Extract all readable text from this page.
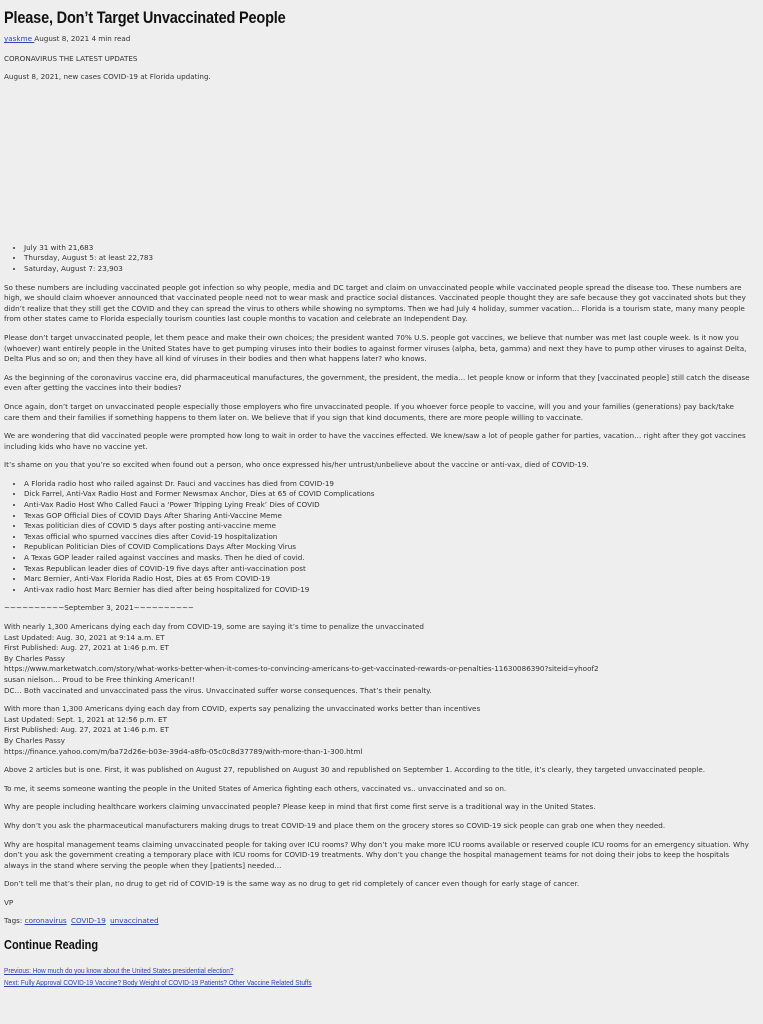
Please, Don’t Target Unvaccinated People
yaskme August 8, 2021 4 min read

CORONAVIRUS THE LATEST UPDATES

August 8, 2021, new cases COVID-19 at Florida updating.

• July 31 with 21,683
• Thursday, August 5: at least 22,783
• Saturday, August 7: 23,903

So these numbers are including vaccinated people got infection so why people, media and DC target and claim on unvaccinated people while vaccinated people spread the disease too. These numbers are high, we should claim whoever announced that vaccinated people need not to wear mask and practice social distances. Vaccinated people thought they are safe because they got vaccinated shots but they didn’t realize that they still get the COVID and they can spread the virus to others while showing no symptoms. Then we had July 4 holiday, summer vacation… Florida is a tourism state, many many people from other states came to Florida especially tourism counties last couple months to vacation and celebrate an Independent Day.

Please don’t target unvaccinated people, let them peace and make their own choices; the president wanted 70% U.S. people got vaccines, we believe that number was met last couple week. Is it now you (whoever) want entirely people in the United States have to get pumping viruses into their bodies to against former viruses (alpha, beta, gamma) and next they have to pump other viruses to against Delta, Delta Plus and so on; and then they have all kind of viruses in their bodies and then what happens later? who knows.

As the beginning of the coronavirus vaccine era, did pharmaceutical manufactures, the government, the president, the media… let people know or inform that they [vaccinated people] still catch the disease even after getting the vaccines into their bodies?

Once again, don’t target on unvaccinated people especially those employers who fire unvaccinated people. If you whoever force people to vaccine, will you and your families (generations) pay back/take care them and their families if something happens to them later on. We believe that if you sign that kind documents, there are more people willing to vaccinate.

We are wondering that did vaccinated people were prompted how long to wait in order to have the vaccines effected. We knew/saw a lot of people gather for parties, vacation… right after they got vaccines including kids who have no vaccine yet.

It’s shame on you that you’re so excited when found out a person, who once expressed his/her untrust/unbelieve about the vaccine or anti-vax, died of COVID-19.

• A Florida radio host who railed against Dr. Fauci and vaccines has died from COVID-19
• Dick Farrel, Anti-Vax Radio Host and Former Newsmax Anchor, Dies at 65 of COVID Complications
• Anti-Vax Radio Host Who Called Fauci a ‘Power Tripping Lying Freak’ Dies of COVID
• Texas GOP Official Dies of COVID Days After Sharing Anti-Vaccine Meme
• Texas politician dies of COVID 5 days after posting anti-vaccine meme
• Texas official who spurned vaccines dies after Covid-19 hospitalization
• Republican Politician Dies of COVID Complications Days After Mocking Virus
• A Texas GOP leader railed against vaccines and masks. Then he died of covid.
• Texas Republican leader dies of COVID-19 five days after anti-vaccination post
• Marc Bernier, Anti-Vax Florida Radio Host, Dies at 65 From COVID-19
• Anti-vax radio host Marc Bernier has died after being hospitalized for COVID-19

~~~~~~~~~~September 3, 2021~~~~~~~~~~

With nearly 1,300 Americans dying each day from COVID-19, some are saying it’s time to penalize the unvaccinated

Last Updated: Aug. 30, 2021 at 9:14 a.m. ET

First Published: Aug. 27, 2021 at 1:46 p.m. ET

By Charles Passy

https://www.marketwatch.com/story/what-works-better-when-it-comes-to-convincing-americans-to-get-vaccinated-rewards-or-penalties-11630086390?siteid=yhoof2

susan nielson… Proud to be Free thinking American!!

DC… Both vaccinated and unvaccinated pass the virus. Unvaccinated suffer worse consequences. That’s their penalty.

With more than 1,300 Americans dying each day from COVID, experts say penalizing the unvaccinated works better than incentives

Last Updated: Sept. 1, 2021 at 12:56 p.m. ET

First Published: Aug. 27, 2021 at 1:46 p.m. ET

By Charles Passy

https://finance.yahoo.com/m/ba72d26e-b03e-39d4-a8fb-05c0c8d37789/with-more-than-1-300.html

Above 2 articles but is one. First, it was published on August 27, republished on August 30 and republished on September 1. According to the title, it’s clearly, they targeted unvaccinated people.

To me, it seems someone wanting the people in the United States of America fighting each others, vaccinated vs.. unvaccinated and so on.

Why are people including healthcare workers claiming unvaccinated people? Please keep in mind that first come first serve is a traditional way in the United States.

Why don’t you ask the pharmaceutical manufacturers making drugs to treat COVID-19 and place them on the grocery stores so COVID-19 sick people can grab one when they needed.

Why are hospital management teams claiming unvaccinated people for taking over ICU rooms? Why don’t you make more ICU rooms available or reserved couple ICU rooms for an emergency situation. Why don’t you ask the government creating a temporary place with ICU rooms for COVID-19 treatments. Why don’t you change the hospital management teams for not doing their jobs to keep the hospitals always in the stand where serving the people when they [patients] needed…

Don’t tell me that’s their plan, no drug to get rid of COVID-19 is the same way as no drug to get rid completely of cancer even though for early stage of cancer.

VP

Tags: coronavirus COVID-19 unvaccinated

Continue Reading
Previous: How much do you know about the United States presidential election?
Next: Fully Approval COVID-19 Vaccine? Body Weight of COVID-19 Patients? Other Vaccine Related Stuffs
